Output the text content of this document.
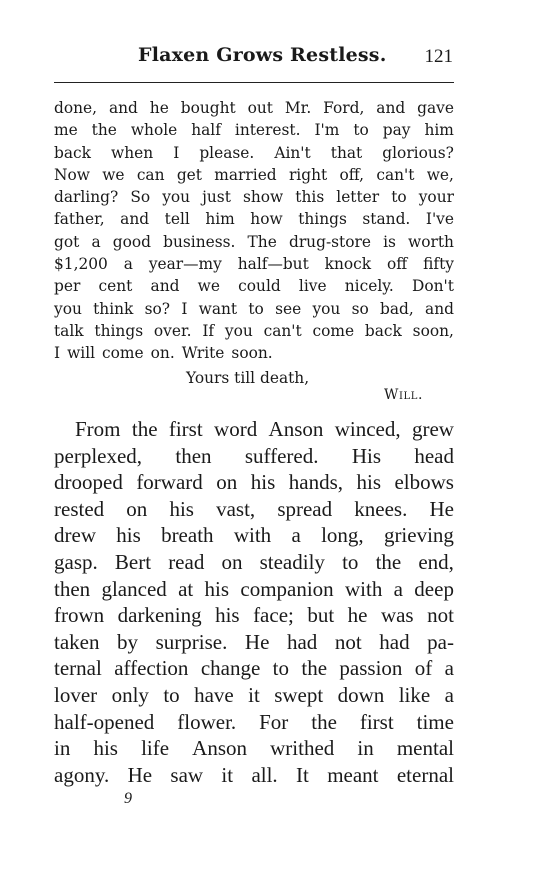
Flaxen Grows Restless. 121
done, and he bought out Mr. Ford, and gave
me the whole half interest. I'm to pay him
back when I please. Ain't that glorious?
Now we can get married right off, can't we,
darling? So you just show this letter to your
father, and tell him how things stand. I've
got a good business. The drug-store is worth
$1,200 a year—my half—but knock off fifty
per cent and we could live nicely. Don't
you think so? I want to see you so bad, and
talk things over. If you can't come back soon,
I will come on. Write soon.
Yours till death,
Will.
From the first word Anson winced, grew
perplexed, then suffered. His head
drooped forward on his hands, his elbows
rested on his vast, spread knees. He
drew his breath with a long, grieving
gasp. Bert read on steadily to the end,
then glanced at his companion with a deep
frown darkening his face; but he was not
taken by surprise. He had not had pa-
ternal affection change to the passion of a
lover only to have it swept down like a
half-opened flower. For the first time
in his life Anson writhed in mental
agony. He saw it all. It meant eternal
9
